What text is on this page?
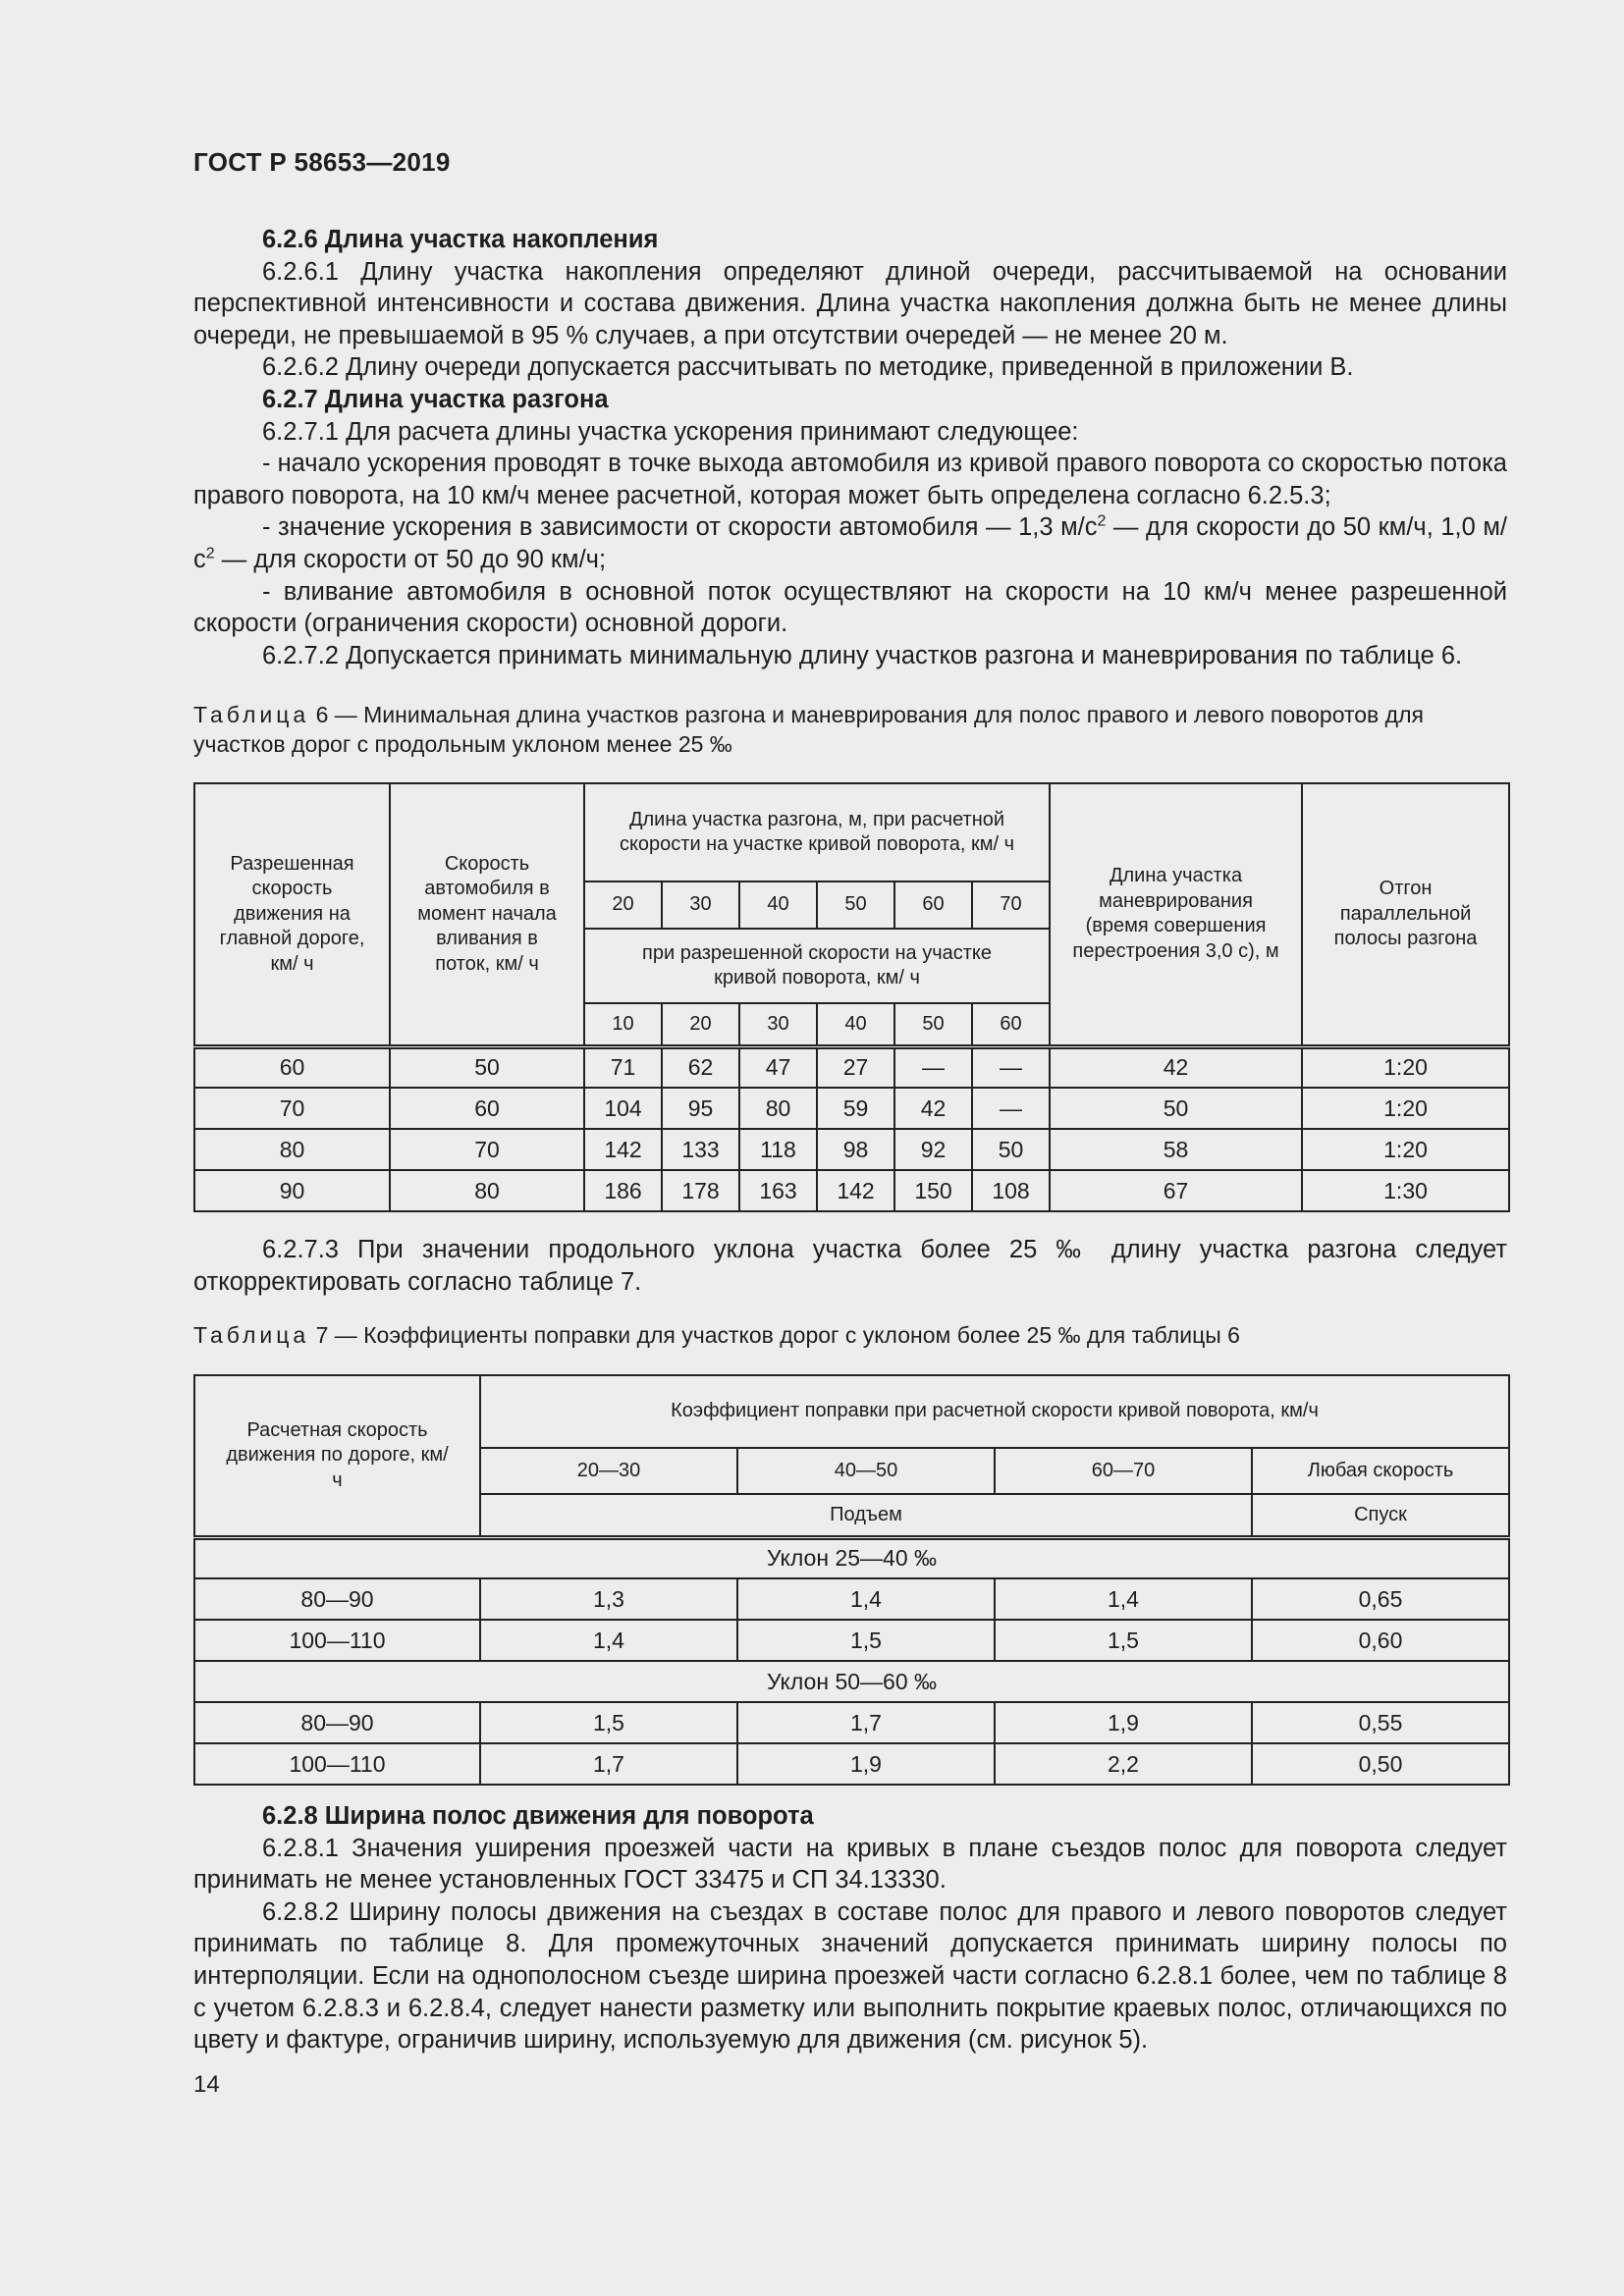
ГОСТ Р 58653—2019
6.2.6 Длина участка накопления

6.2.6.1 Длину участка накопления определяют длиной очереди, рассчитываемой на основании перспективной интенсивности и состава движения. Длина участка накопления должна быть не менее длины очереди, не превышаемой в 95 % случаев, а при отсутствии очередей — не менее 20 м.

6.2.6.2 Длину очереди допускается рассчитывать по методике, приведенной в приложении В.

6.2.7 Длина участка разгона

6.2.7.1 Для расчета длины участка ускорения принимают следующее:

- начало ускорения проводят в точке выхода автомобиля из кривой правого поворота со скоростью потока правого поворота, на 10 км/ч менее расчетной, которая может быть определена согласно 6.2.5.3;

- значение ускорения в зависимости от скорости автомобиля — 1,3 $м/с^2$ — для скорости до 50 км/ч, 1,0 $м/с^2$ — для скорости от 50 до 90 км/ч;

- вливание автомобиля в основной поток осуществляют на скорости на 10 км/ч менее разрешенной скорости (ограничения скорости) основной дороги.

6.2.7.2 Допускается принимать минимальную длину участков разгона и маневрирования по таблице 6.

Таблица 6 — Минимальная длина участков разгона и маневрирования для полос правого и левого поворотов для участков дорог с продольным уклоном менее 25 ‰
Разрешенная скорость движения на главной дороге, км/ ч	Скорость автомобиля в момент начала вливания в поток, км/ ч	Длина участка разгона, м, при расчетной скорости на участке кривой поворота, км/ ч						Длина участка маневрирования (время совершения перестроения 3,0 с), м	Отгон параллельной полосы разгона
		20	30	40	50	60	70		
		при разрешенной скорости на участке кривой поворота, км/ ч							
		10	20	30	40	50	60		
60	50	71	62	47	27	—	—	42	1:20
70	60	104	95	80	59	42	—	50	1:20
80	70	142	133	118	98	92	50	58	1:20
90	80	186	178	163	142	150	108	67	1:30

6.2.7.3 При значении продольного уклона участка более 25 ‰ длину участка разгона следует откорректировать согласно таблице 7.

Таблица 7 — Коэффициенты поправки для участков дорог с уклоном более 25 ‰ для таблицы 6
Расчетная скорость движения по дороге, км/ ч	Коэффициент поправки при расчетной скорости кривой поворота, км/ч			
	20—30	40—50	60—70	Любая скорость
	Подъем			Спуск
Уклон 25—40 ‰				
80—90	1,3	1,4	1,4	0,65
100—110	1,4	1,5	1,5	0,60
Уклон 50—60 ‰				
80—90	1,5	1,7	1,9	0,55
100—110	1,7	1,9	2,2	0,50
6.2.8 Ширина полос движения для поворота

6.2.8.1 Значения уширения проезжей части на кривых в плане съездов полос для поворота следует принимать не менее установленных ГОСТ 33475 и СП 34.13330.

6.2.8.2 Ширину полосы движения на съездах в составе полос для правого и левого поворотов следует принимать по таблице 8. Для промежуточных значений допускается принимать ширину полосы по интерполяции. Если на однополосном съезде ширина проезжей части согласно 6.2.8.1 более, чем по таблице 8 с учетом 6.2.8.3 и 6.2.8.4, следует нанести разметку или выполнить покрытие краевых полос, отличающихся по цвету и фактуре, ограничив ширину, используемую для движения (см. рисунок 5).

14
